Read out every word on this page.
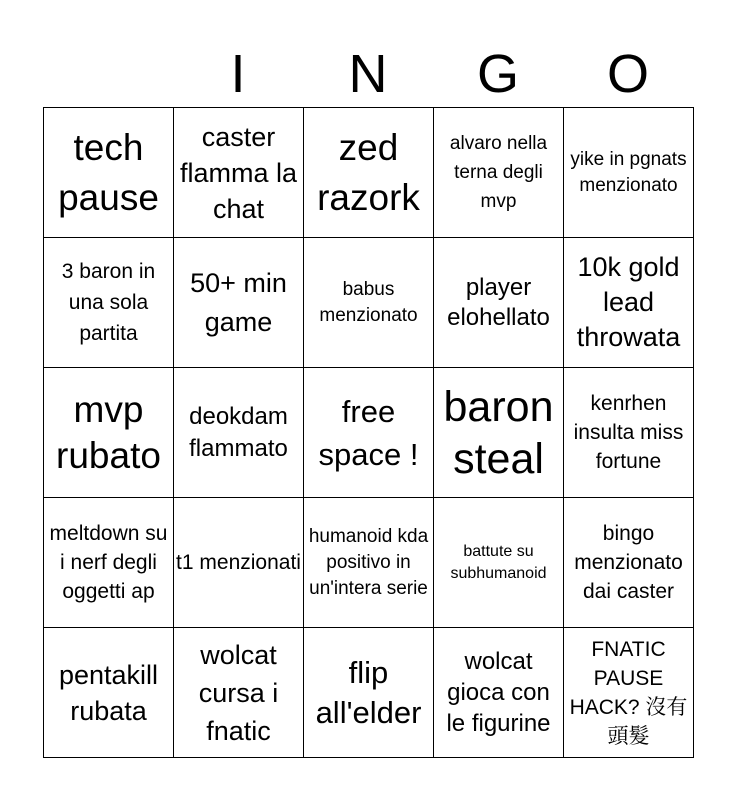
I	N	G	O
tech pause
caster flamma la chat
zed razork
alvaro nella terna degli mvp
yike in pgnats menzionato
3 baron in una sola partita
50+ min game
babus menzionato
player elohellato
10k gold lead throwata
mvp rubato
deokdam flammato
free space !
baron steal
kenrhen insulta miss fortune
meltdown su i nerf degli oggetti ap
t1 menzionati
humanoid kda positivo in un'intera serie
battute su subhumanoid
bingo menzionato dai caster
pentakill rubata
wolcat cursa i fnatic
flip all'elder
wolcat gioca con le figurine
FNATIC PAUSE HACK? 沒有頭髮
